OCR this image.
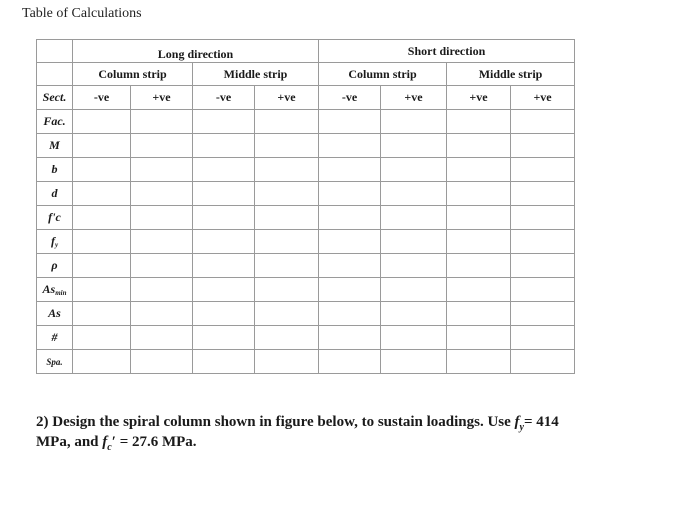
Table of Calculations
	Long direction				Short direction			
	Column strip		Middle strip		Column strip		Middle strip	
Sect.	-ve	+ve	-ve	+ve	-ve	+ve	+ve	+ve
Fac.								
M								
b								
d								
f'c								
$f_y$								
ρ								
$As_{min}$								
As								
#								
Spa.								
2) Design the spiral column shown in figure below, to sustain loadings. Use $f_y= 414$
MPa, and $f_c' = 27.6$ MPa.
